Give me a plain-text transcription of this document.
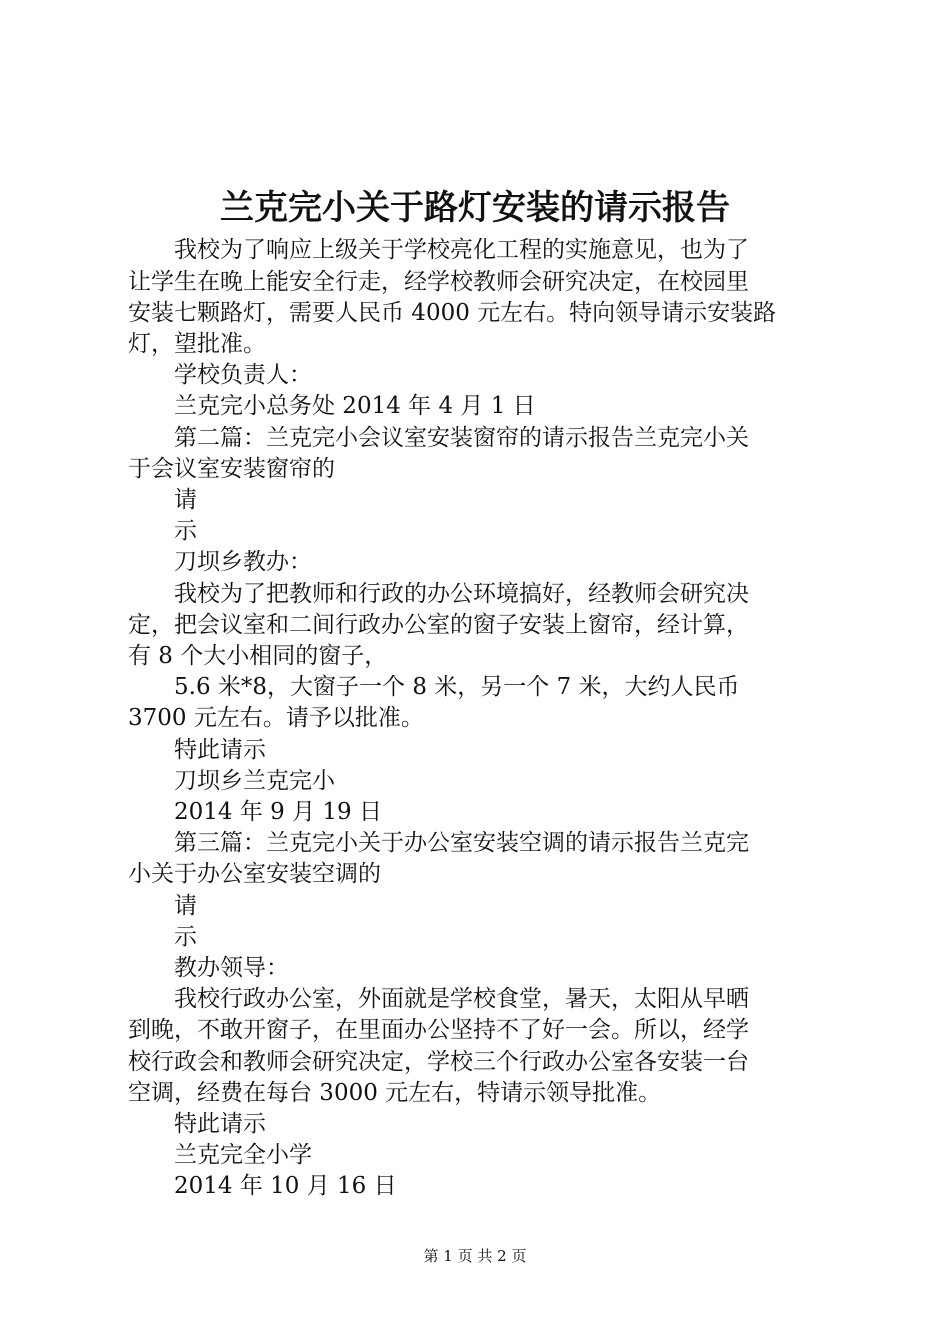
兰克完小关于路灯安装的请示报告

　　我校为了响应上级关于学校亮化工程的实施意见，也为了

让学生在晚上能安全行走，经学校教师会研究决定，在校园里

安装七颗路灯，需要人民币 4000 元左右。特向领导请示安装路

灯，望批准。

　　学校负责人：

　　兰克完小总务处 2014 年 4 月 1 日

　　第二篇：兰克完小会议室安装窗帘的请示报告兰克完小关

于会议室安装窗帘的

　　请

　　示

　　刀坝乡教办：

　　我校为了把教师和行政的办公环境搞好，经教师会研究决

定，把会议室和二间行政办公室的窗子安装上窗帘，经计算，

有 8 个大小相同的窗子，

　　5.6 米*8，大窗子一个 8 米，另一个 7 米，大约人民币

3700 元左右。请予以批准。

　　特此请示

　　刀坝乡兰克完小

　　2014 年 9 月 19 日

　　第三篇：兰克完小关于办公室安装空调的请示报告兰克完

小关于办公室安装空调的

　　请

　　示

　　教办领导：

　　我校行政办公室，外面就是学校食堂，暑天，太阳从早晒

到晚，不敢开窗子，在里面办公坚持不了好一会。所以，经学

校行政会和教师会研究决定，学校三个行政办公室各安装一台

空调，经费在每台 3000 元左右，特请示领导批准。

　　特此请示

　　兰克完全小学

　　2014 年 10 月 16 日

第 1 页 共 2 页
